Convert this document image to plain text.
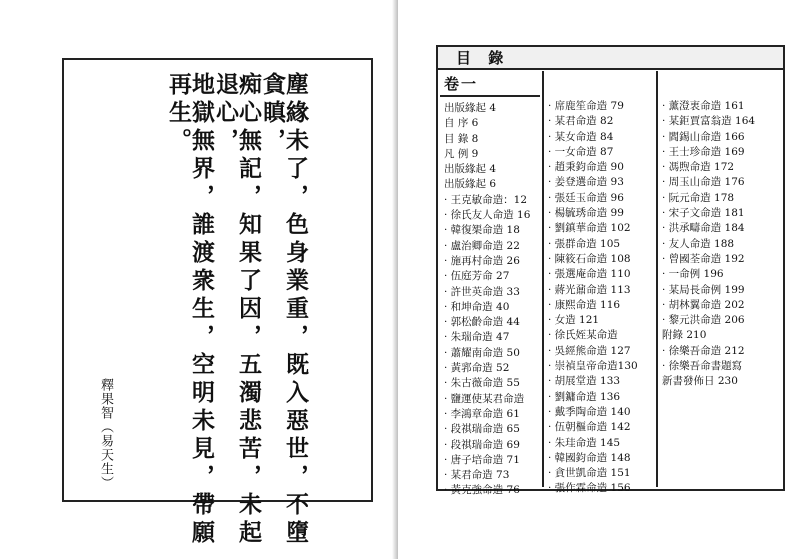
塵緣未了，色身業重，既入惡世，不墮貪瞋，
痴心無記，知果了因，五濁悲苦，未起退心，
地獄無界，誰渡衆生，空明未見，帶願再生。
釋果智（易天生）
目 錄
卷一
出版緣起 4
自 序 6
目 錄 8
凡 例 9
出版緣起 4
出版緣起 6
· 王克敏命造：12
· 徐氏友人命造 16
· 韓復榘命造 18
· 盧治卿命造 22
· 施再村命造 26
· 伍庭芳命 27
· 許世英命造 33
· 和坤命造 40
· 郭松齡命造 44
· 朱瑞命造 47
· 蕭耀南命造 50
· 黃郛命造 52
· 朱古薇命造 55
· 鹽運使某君命造
· 李鴻章命造 61
· 段祺瑞命造 65
· 段祺瑞命造 69
· 唐子培命造 71
· 某君命造 73
· 黃克強命造 76
· 席鹿笙命造 79
· 某君命造 82
· 某女命造 84
· 一女命造 87
· 趙秉鈞命造 90
· 姜登選命造 93
· 張廷玉命造 96
· 楊毓琇命造 99
· 劉鎮華命造 102
· 張群命造 105
· 陳筱石命造 108
· 張選庵命造 110
· 蔣光鼐命造 113
· 康熙命造 116
· 女造 121
· 徐氏姪某命造
· 吳經熊命造 127
· 崇禎皇帝命造130
· 胡展堂造 133
· 劉鏞命造 136
· 戴季陶命造 140
· 伍朝樞命造 142
· 朱珪命造 145
· 韓國鈞命造 148
· 貪世凱命造 151
· 張作霖命造 156
· 薰澄衷命造 161
· 某鉅賈富翁造 164
· 閻錫山命造 166
· 王士珍命造 169
· 馮煦命造 172
· 周玉山命造 176
· 阮元命造 178
· 宋子文命造 181
· 洪承疇命造 184
· 友人命造 188
· 曾國荃命造 192
· 一命例 196
· 某局長命例 199
· 胡林翼命造 202
· 黎元洪命造 206
附錄 210
· 徐樂吾命造 212
· 徐樂吾命書題寫
新書發佈日 230
